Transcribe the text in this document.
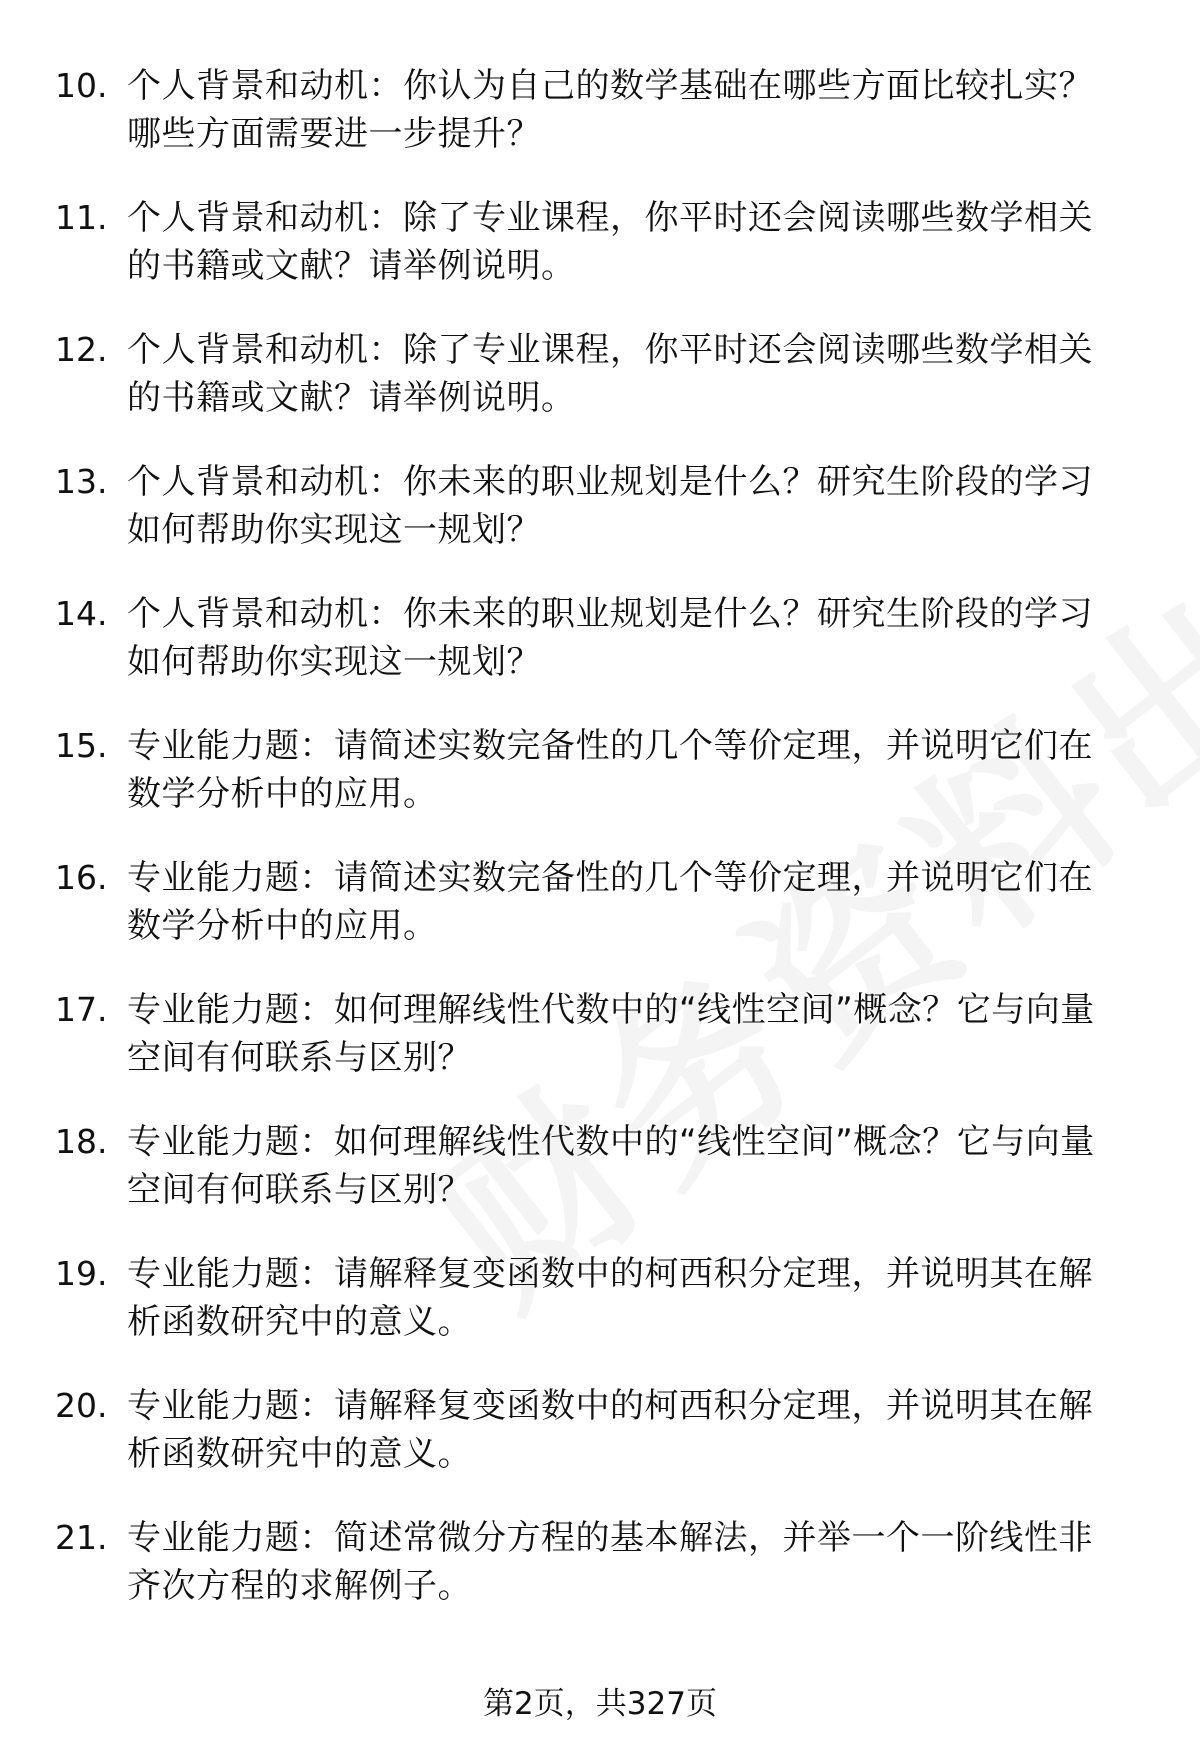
10. 个人背景和动机：你认为自己的数学基础在哪些方面比较扎实？哪些方面需要进一步提升？
11. 个人背景和动机：除了专业课程，你平时还会阅读哪些数学相关的书籍或文献？请举例说明。
12. 个人背景和动机：除了专业课程，你平时还会阅读哪些数学相关的书籍或文献？请举例说明。
13. 个人背景和动机：你未来的职业规划是什么？研究生阶段的学习如何帮助你实现这一规划？
14. 个人背景和动机：你未来的职业规划是什么？研究生阶段的学习如何帮助你实现这一规划？
15. 专业能力题：请简述实数完备性的几个等价定理，并说明它们在数学分析中的应用。
16. 专业能力题：请简述实数完备性的几个等价定理，并说明它们在数学分析中的应用。
17. 专业能力题：如何理解线性代数中的“线性空间”概念？它与向量空间有何联系与区别？
18. 专业能力题：如何理解线性代数中的“线性空间”概念？它与向量空间有何联系与区别？
19. 专业能力题：请解释复变函数中的柯西积分定理，并说明其在解析函数研究中的意义。
20. 专业能力题：请解释复变函数中的柯西积分定理，并说明其在解析函数研究中的意义。
21. 专业能力题：简述常微分方程的基本解法，并举一个一阶线性非齐次方程的求解例子。
第2页，共327页
